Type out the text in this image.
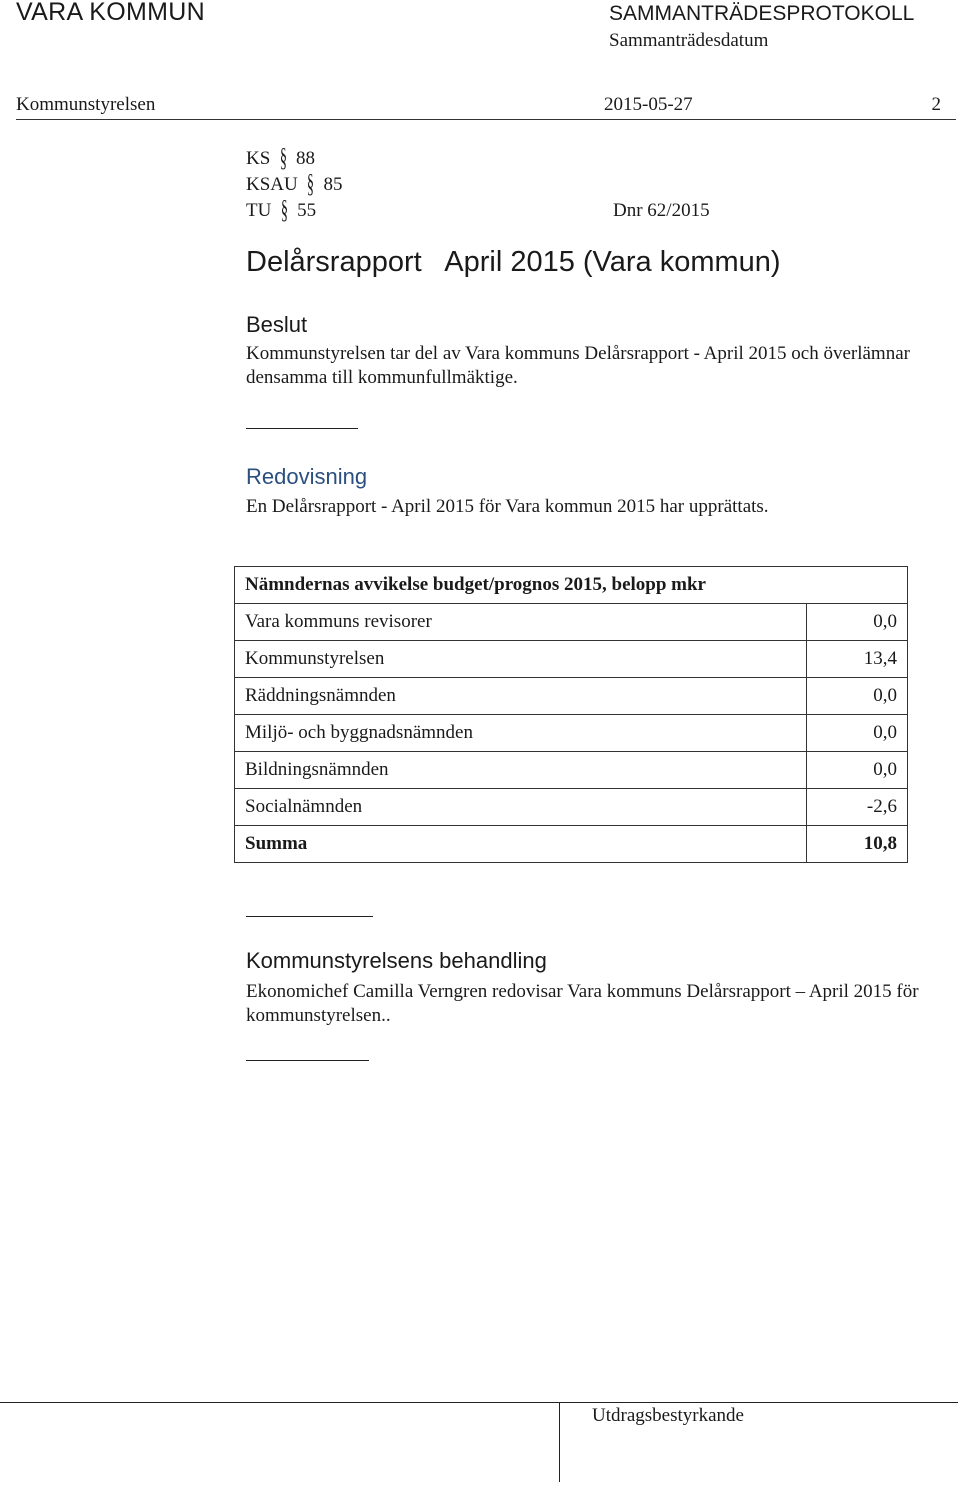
VARA KOMMUN	SAMMANTRÄDESPROTOKOLL
Sammanträdesdatum
Kommunstyrelsen	2015-05-27	2
KS § 88
KSAU § 85
TU § 55	Dnr 62/2015
Delårsrapport   April 2015 (Vara kommun)
Beslut
Kommunstyrelsen tar del av Vara kommuns Delårsrapport - April 2015 och överlämnar densamma till kommunfullmäktige.
Redovisning
En Delårsrapport - April 2015 för Vara kommun 2015 har upprättats.
Nämndernas avvikelse budget/prognos 2015, belopp mkr	
Vara kommuns revisorer	0,0
Kommunstyrelsen	13,4
Räddningsnämnden	0,0
Miljö- och byggnadsnämnden	0,0
Bildningsnämnden	0,0
Socialnämnden	-2,6
Summa	10,8
Kommunstyrelsens behandling
Ekonomichef Camilla Verngren redovisar Vara kommuns Delårsrapport – April 2015 för kommunstyrelsen..
Utdragsbestyrkande
